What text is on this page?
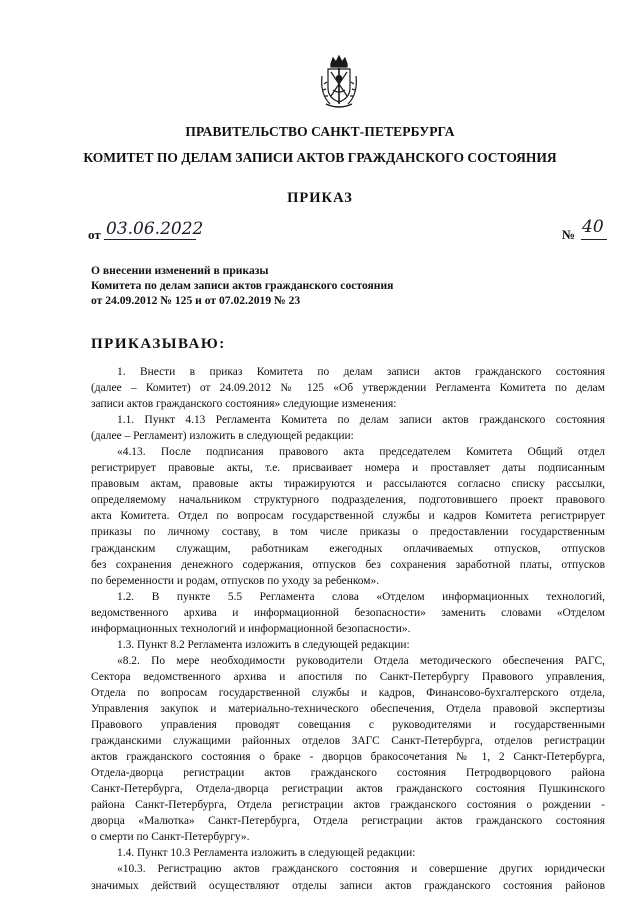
ПРАВИТЕЛЬСТВО САНКТ-ПЕТЕРБУРГА
КОМИТЕТ ПО ДЕЛАМ ЗАПИСИ АКТОВ ГРАЖДАНСКОГО СОСТОЯНИЯ
ПРИКАЗ
от 03.06.2022	№ 40
О внесении изменений в приказы
Комитета по делам записи актов гражданского состояния
от 24.09.2012 № 125 и от 07.02.2019 № 23
ПРИКАЗЫВАЮ:
1. Внести в приказ Комитета по делам записи актов гражданского состояния
(далее – Комитет) от 24.09.2012 № 125 «Об утверждении Регламента Комитета по делам
записи актов гражданского состояния» следующие изменения:
1.1. Пункт 4.13 Регламента Комитета по делам записи актов гражданского состояния
(далее – Регламент) изложить в следующей редакции:
«4.13. После подписания правового акта председателем Комитета Общий отдел
регистрирует правовые акты, т.е. присваивает номера и проставляет даты подписанным
правовым актам, правовые акты тиражируются и рассылаются согласно списку рассылки,
определяемому начальником структурного подразделения, подготовившего проект правового
акта Комитета. Отдел по вопросам государственной службы и кадров Комитета регистрирует
приказы по личному составу, в том числе приказы о предоставлении государственным
гражданским служащим, работникам ежегодных оплачиваемых отпусков, отпусков
без сохранения денежного содержания, отпусков без сохранения заработной платы, отпусков
по беременности и родам, отпусков по уходу за ребенком».
1.2. В пункте 5.5 Регламента слова «Отделом информационных технологий,
ведомственного архива и информационной безопасности» заменить словами «Отделом
информационных технологий и информационной безопасности».
1.3. Пункт 8.2 Регламента изложить в следующей редакции:
«8.2. По мере необходимости руководители Отдела методического обеспечения РАГС,
Сектора ведомственного архива и апостиля по Санкт-Петербургу Правового управления,
Отдела по вопросам государственной службы и кадров, Финансово-бухгалтерского отдела,
Управления закупок и материально-технического обеспечения, Отдела правовой экспертизы
Правового управления проводят совещания с руководителями и государственными
гражданскими служащими районных отделов ЗАГС Санкт-Петербурга, отделов регистрации
актов гражданского состояния о браке - дворцов бракосочетания № 1, 2 Санкт-Петербурга,
Отдела-дворца регистрации актов гражданского состояния Петродворцового района
Санкт-Петербурга, Отдела-дворца регистрации актов гражданского состояния Пушкинского
района Санкт-Петербурга, Отдела регистрации актов гражданского состояния о рождении -
дворца «Малютка» Санкт-Петербурга, Отдела регистрации актов гражданского состояния
о смерти по Санкт-Петербургу».
1.4. Пункт 10.3 Регламента изложить в следующей редакции:
«10.3. Регистрацию актов гражданского состояния и совершение других юридически
значимых действий осуществляют отделы записи актов гражданского состояния районов
